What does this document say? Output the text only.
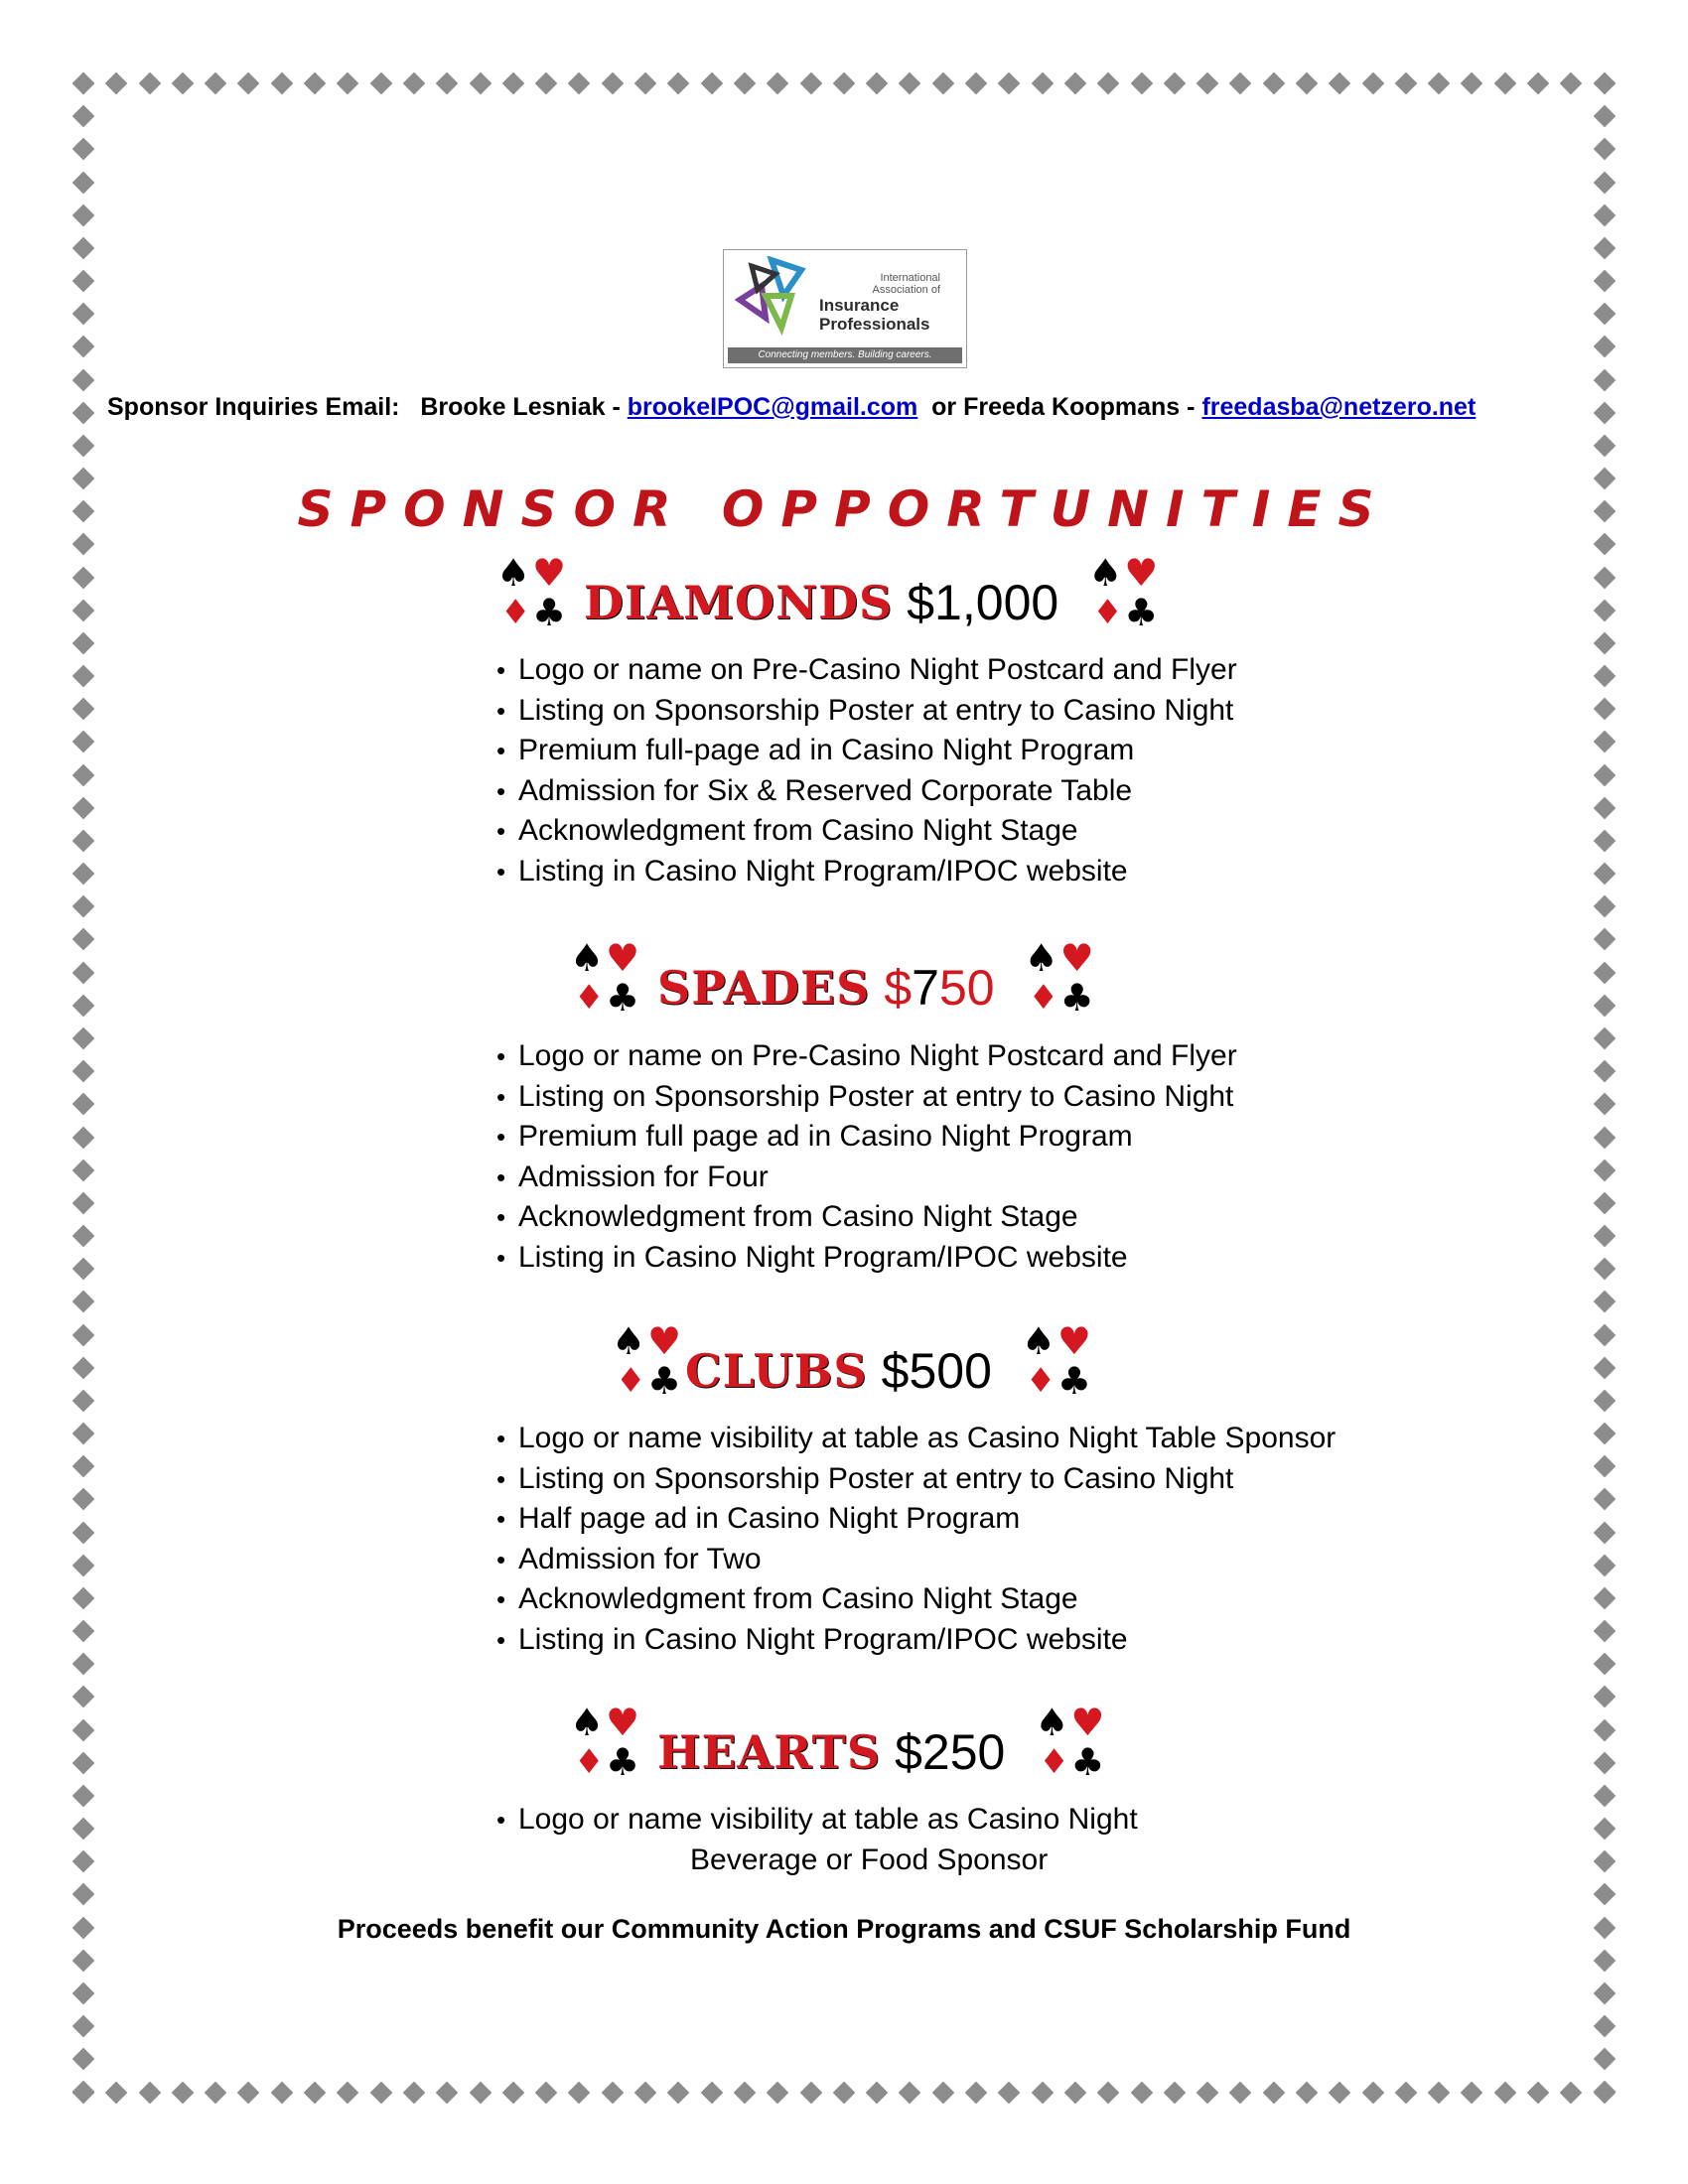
International
Association of
Insurance
Professionals
Connecting members. Building careers.
Sponsor Inquiries Email: Brooke Lesniak - brookeIPOC@gmail.com or Freeda Koopmans - freedasba@netzero.net
SPONSOR OPPORTUNITIES
♠ ♥
♦ ♣ DIAMONDS $1,000
♠ ♥
♦ ♣
• Logo or name on Pre-Casino Night Postcard and Flyer
• Listing on Sponsorship Poster at entry to Casino Night
• Premium full-page ad in Casino Night Program
• Admission for Six & Reserved Corporate Table
• Acknowledgment from Casino Night Stage
• Listing in Casino Night Program/IPOC website
♠ ♥
♦ ♣ SPADES $750
♠ ♥
♦ ♣
• Logo or name on Pre-Casino Night Postcard and Flyer
• Listing on Sponsorship Poster at entry to Casino Night
• Premium full page ad in Casino Night Program
• Admission for Four
• Acknowledgment from Casino Night Stage
• Listing in Casino Night Program/IPOC website
♠ ♥
♦ ♣ CLUBS $500
♠ ♥
♦ ♣
• Logo or name visibility at table as Casino Night Table Sponsor
• Listing on Sponsorship Poster at entry to Casino Night
• Half page ad in Casino Night Program
• Admission for Two
• Acknowledgment from Casino Night Stage
• Listing in Casino Night Program/IPOC website
♠ ♥
♦ ♣ HEARTS $250
♠ ♥
♦ ♣
• Logo or name visibility at table as Casino Night
Beverage or Food Sponsor
Proceeds benefit our Community Action Programs and CSUF Scholarship Fund
